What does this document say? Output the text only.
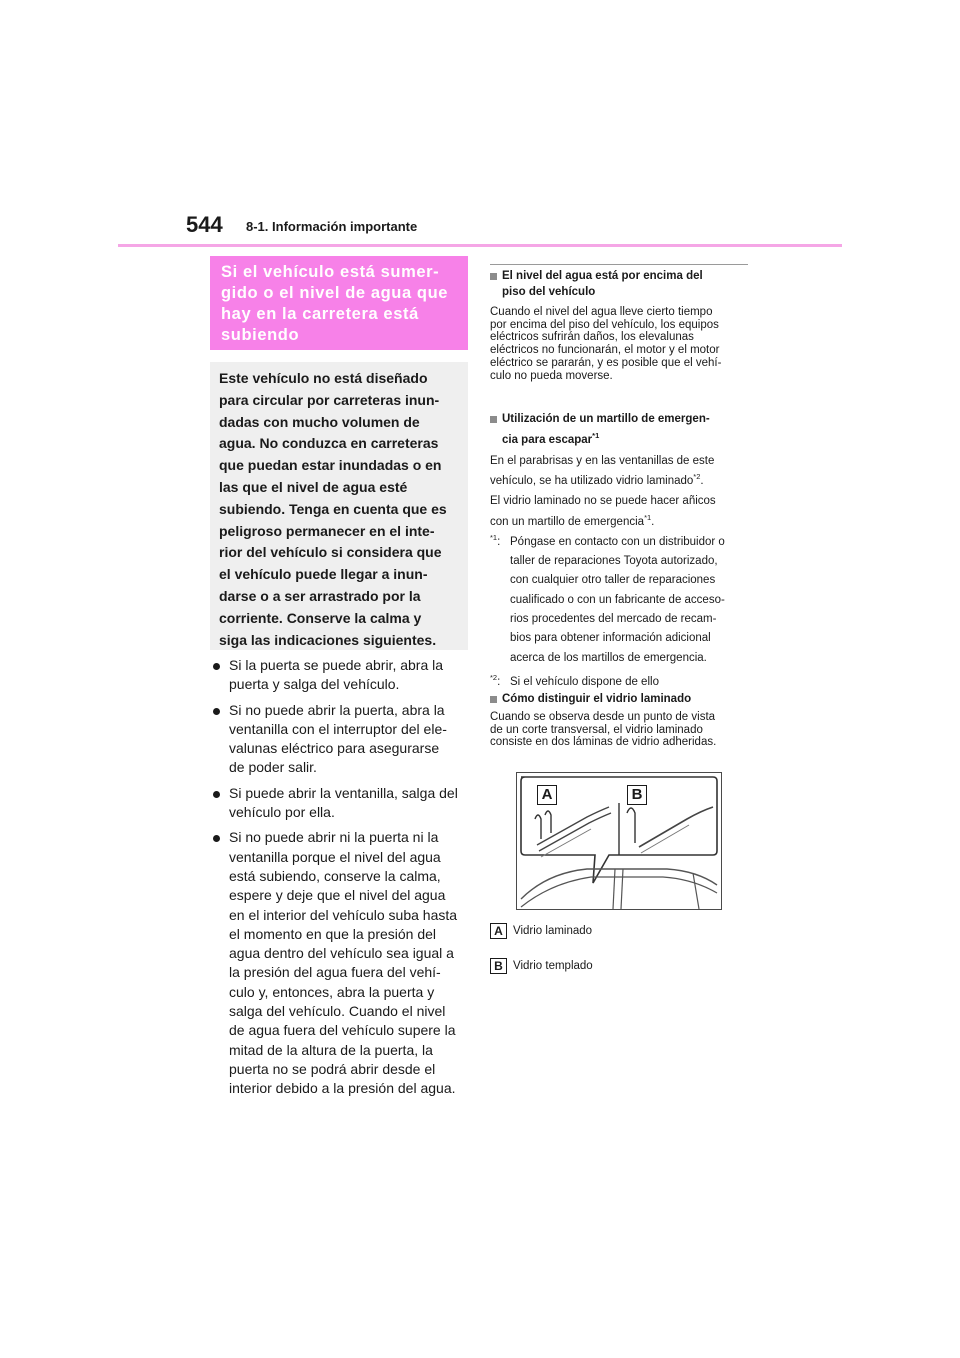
544 8-1. Información importante
Si el vehículo está sumer-
gido o el nivel de agua que
hay en la carretera está
subiendo
Este vehículo no está diseñado
para circular por carreteras inun-
dadas con mucho volumen de
agua. No conduzca en carreteras
que puedan estar inundadas o en
las que el nivel de agua esté
subiendo. Tenga en cuenta que es
peligroso permanecer en el inte-
rior del vehículo si considera que
el vehículo puede llegar a inun-
darse o a ser arrastrado por la
corriente. Conserve la calma y
siga las indicaciones siguientes.
Si la puerta se puede abrir, abra la
puerta y salga del vehículo.
Si no puede abrir la puerta, abra la
ventanilla con el interruptor del ele-
valunas eléctrico para asegurarse
de poder salir.
Si puede abrir la ventanilla, salga del
vehículo por ella.
Si no puede abrir ni la puerta ni la
ventanilla porque el nivel del agua
está subiendo, conserve la calma,
espere y deje que el nivel del agua
en el interior del vehículo suba hasta
el momento en que la presión del
agua dentro del vehículo sea igual a
la presión del agua fuera del vehí-
culo y, entonces, abra la puerta y
salga del vehículo. Cuando el nivel
de agua fuera del vehículo supere la
mitad de la altura de la puerta, la
puerta no se podrá abrir desde el
interior debido a la presión del agua.
El nivel del agua está por encima del
piso del vehículo
Cuando el nivel del agua lleve cierto tiempo
por encima del piso del vehículo, los equipos
eléctricos sufrirán daños, los elevalunas
eléctricos no funcionarán, el motor y el motor
eléctrico se pararán, y es posible que el vehí-
culo no pueda moverse.
Utilización de un martillo de emergen-
cia para escapar$^{*1}$
En el parabrisas y en las ventanillas de este
vehículo, se ha utilizado vidrio laminado$^{*2}$.
El vidrio laminado no se puede hacer añicos
con un martillo de emergencia$^{*1}$.
$^{*1}$: Póngase en contacto con un distribuidor o
taller de reparaciones Toyota autorizado,
con cualquier otro taller de reparaciones
cualificado o con un fabricante de acceso-
rios procedentes del mercado de recam-
bios para obtener información adicional
acerca de los martillos de emergencia.
$^{*2}$: Si el vehículo dispone de ello
Cómo distinguir el vidrio laminado
Cuando se observa desde un punto de vista
de un corte transversal, el vidrio laminado
consiste en dos láminas de vidrio adheridas.
A	B
A Vidrio laminado
B Vidrio templado
